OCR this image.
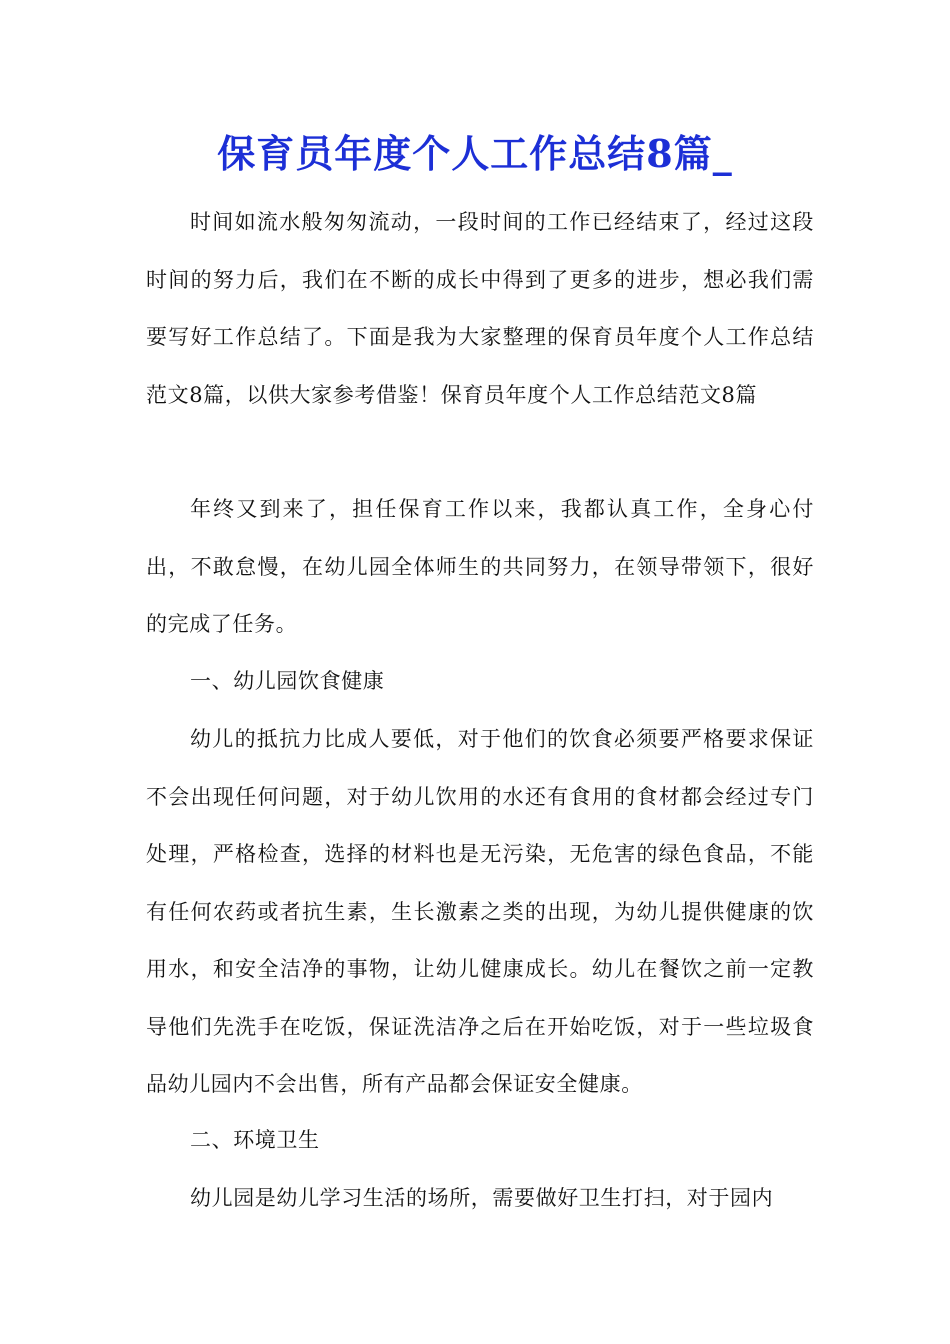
保育员年度个人工作总结8篇_
时间如流水般匆匆流动，一段时间的工作已经结束了，经过这段时间的努力后，我们在不断的成长中得到了更多的进步，想必我们需要写好工作总结了。下面是我为大家整理的保育员年度个人工作总结范文8篇，以供大家参考借鉴！保育员年度个人工作总结范文8篇
年终又到来了，担任保育工作以来，我都认真工作，全身心付出，不敢怠慢，在幼儿园全体师生的共同努力，在领导带领下，很好的完成了任务。
一、幼儿园饮食健康
幼儿的抵抗力比成人要低，对于他们的饮食必须要严格要求保证不会出现任何问题，对于幼儿饮用的水还有食用的食材都会经过专门处理，严格检查，选择的材料也是无污染，无危害的绿色食品，不能有任何农药或者抗生素，生长激素之类的出现，为幼儿提供健康的饮用水，和安全洁净的事物，让幼儿健康成长。幼儿在餐饮之前一定教导他们先洗手在吃饭，保证洗洁净之后在开始吃饭，对于一些垃圾食品幼儿园内不会出售，所有产品都会保证安全健康。
二、环境卫生
幼儿园是幼儿学习生活的场所，需要做好卫生打扫，对于园内
